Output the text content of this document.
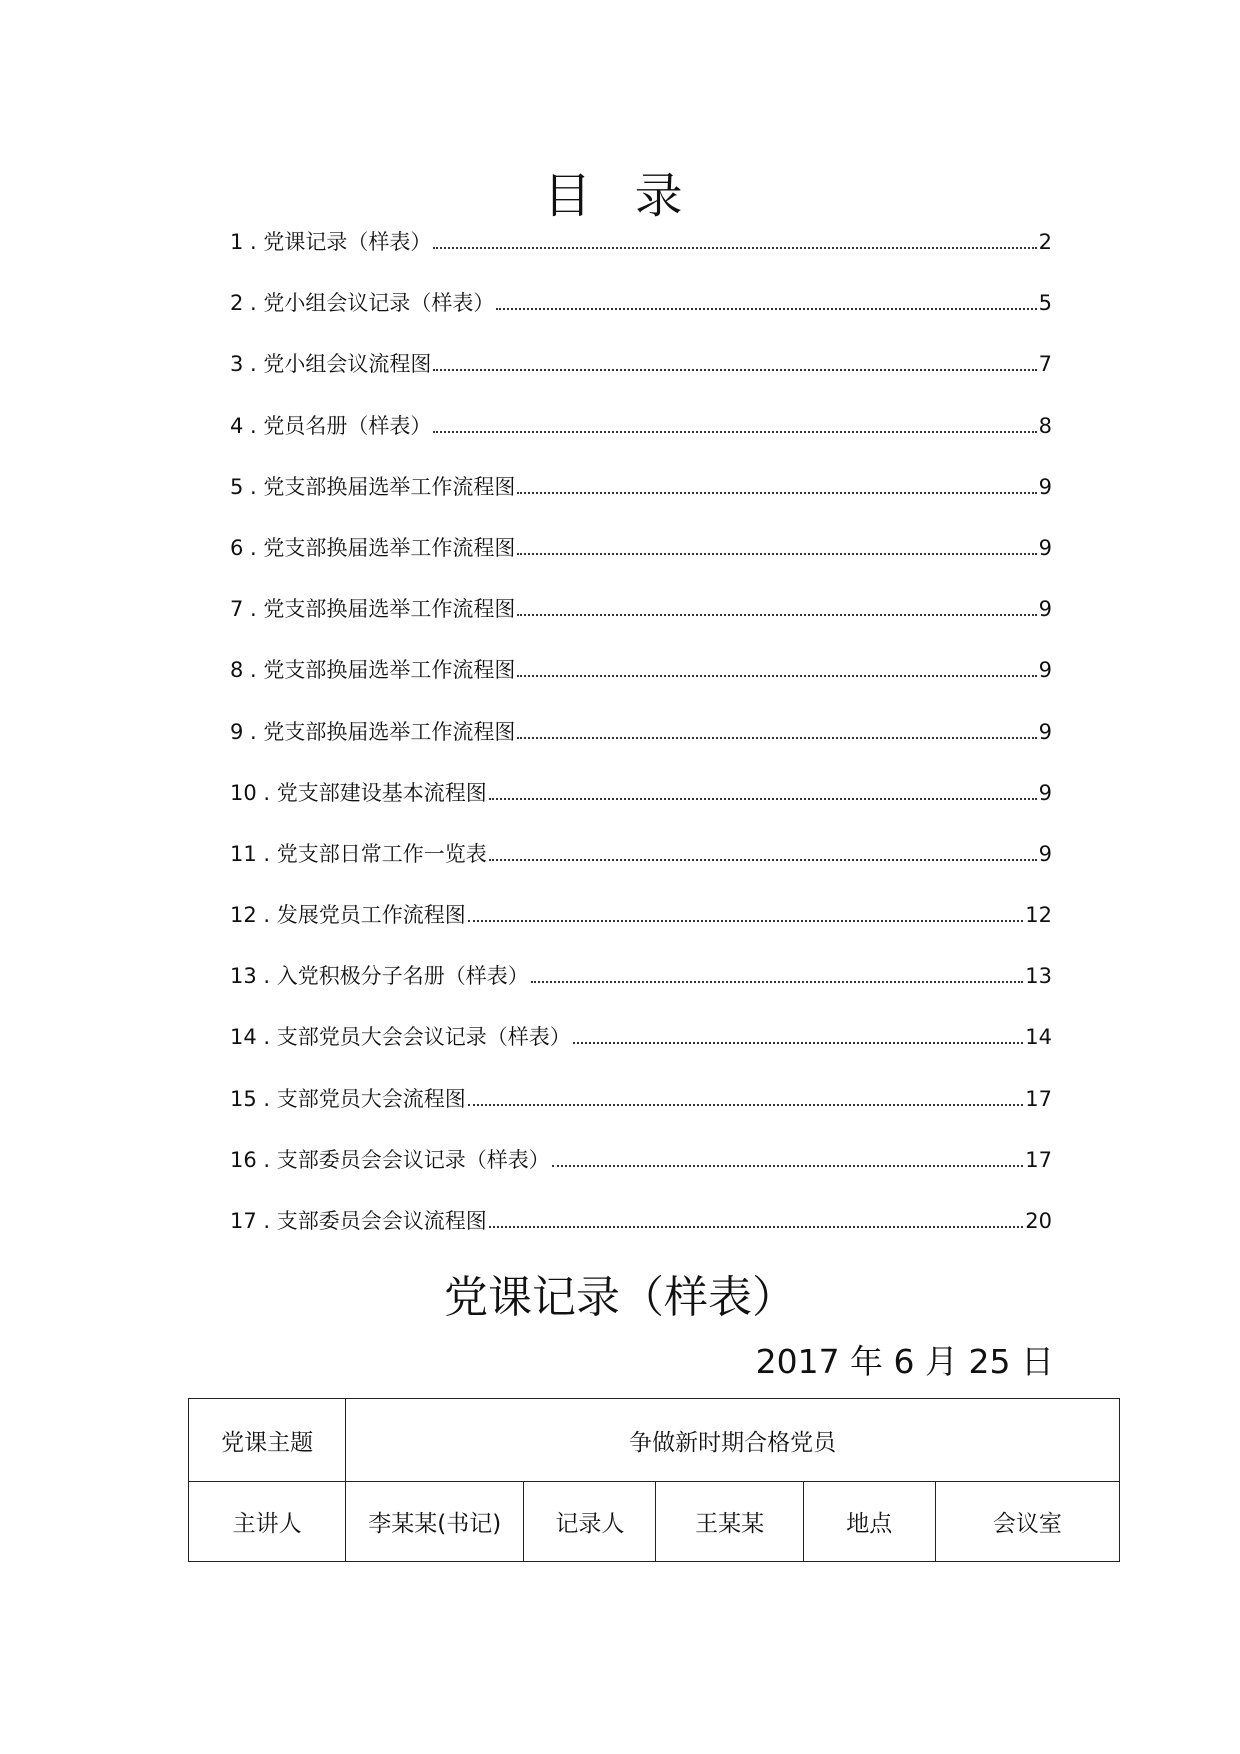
目 录
1 . 党课记录（样表）	2
2 . 党小组会议记录（样表）	5
3 . 党小组会议流程图	7
4 . 党员名册（样表）	8
5 . 党支部换届选举工作流程图	9
6 . 党支部换届选举工作流程图	9
7 . 党支部换届选举工作流程图	9
8 . 党支部换届选举工作流程图	9
9 . 党支部换届选举工作流程图	9
10 . 党支部建设基本流程图	9
11 . 党支部日常工作一览表	9
12 . 发展党员工作流程图	12
13 . 入党积极分子名册（样表）	13
14 . 支部党员大会会议记录（样表）	14
15 . 支部党员大会流程图	17
16 . 支部委员会会议记录（样表）	17
17 . 支部委员会会议流程图	20
党课记录（样表）
2017 年 6 月 25 日
党课主题	争做新时期合格党员				
主讲人	李某某(书记)	记录人	王某某	地点	会议室
